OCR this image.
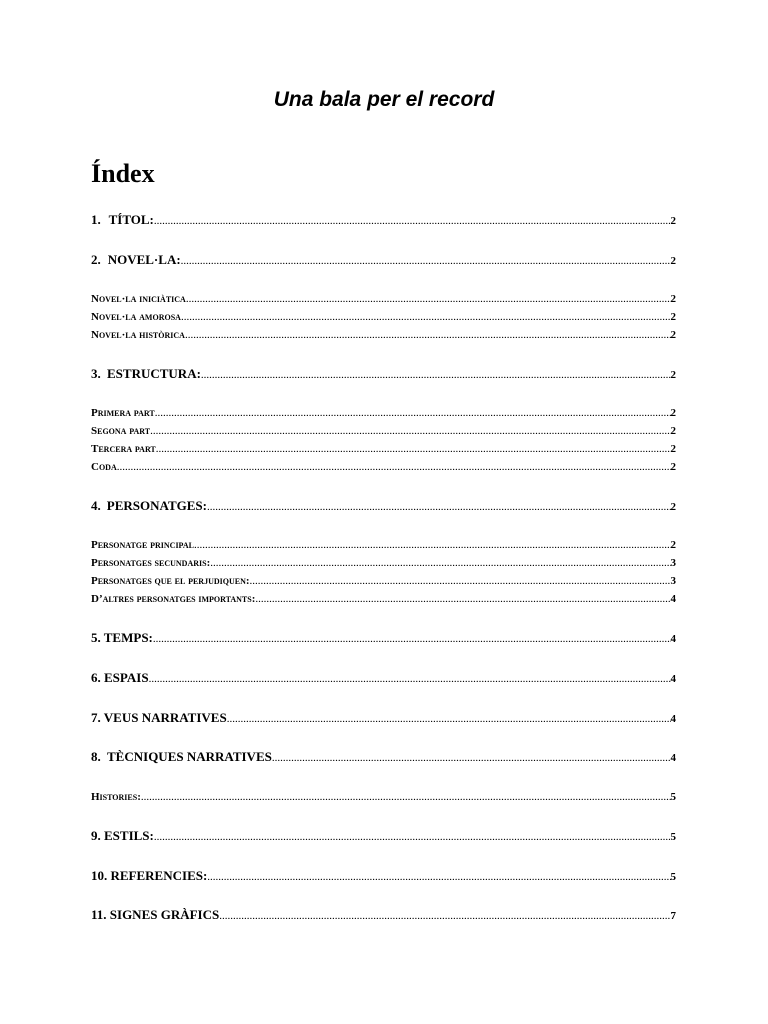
Una bala per el record
Índex
1. TÍTOL: .....	2
2. NOVEL·LA: .....	2
Novel·la iniciàtica .....	2
Novel·la amorosa .....	2
Novel·la històrica .....	2
3. ESTRUCTURA: .....	2
Primera part .....	2
Segona part .....	2
Tercera part .....	2
Coda .....	2
4. PERSONATGES: .....	2
Personatge principal .....	2
Personatges secundaris: .....	3
Personatges que el perjudiquen: .....	3
D’altres personatges importants: .....	4
5. TEMPS: .....	4
6. ESPAIS .....	4
7. VEUS NARRATIVES .....	4
8.  TÈCNIQUES NARRATIVES .....	4
Histories: .....	5
9. ESTILS: .....	5
10. REFERENCIES: .....	5
11. SIGNES GRÀFICS .....	7
